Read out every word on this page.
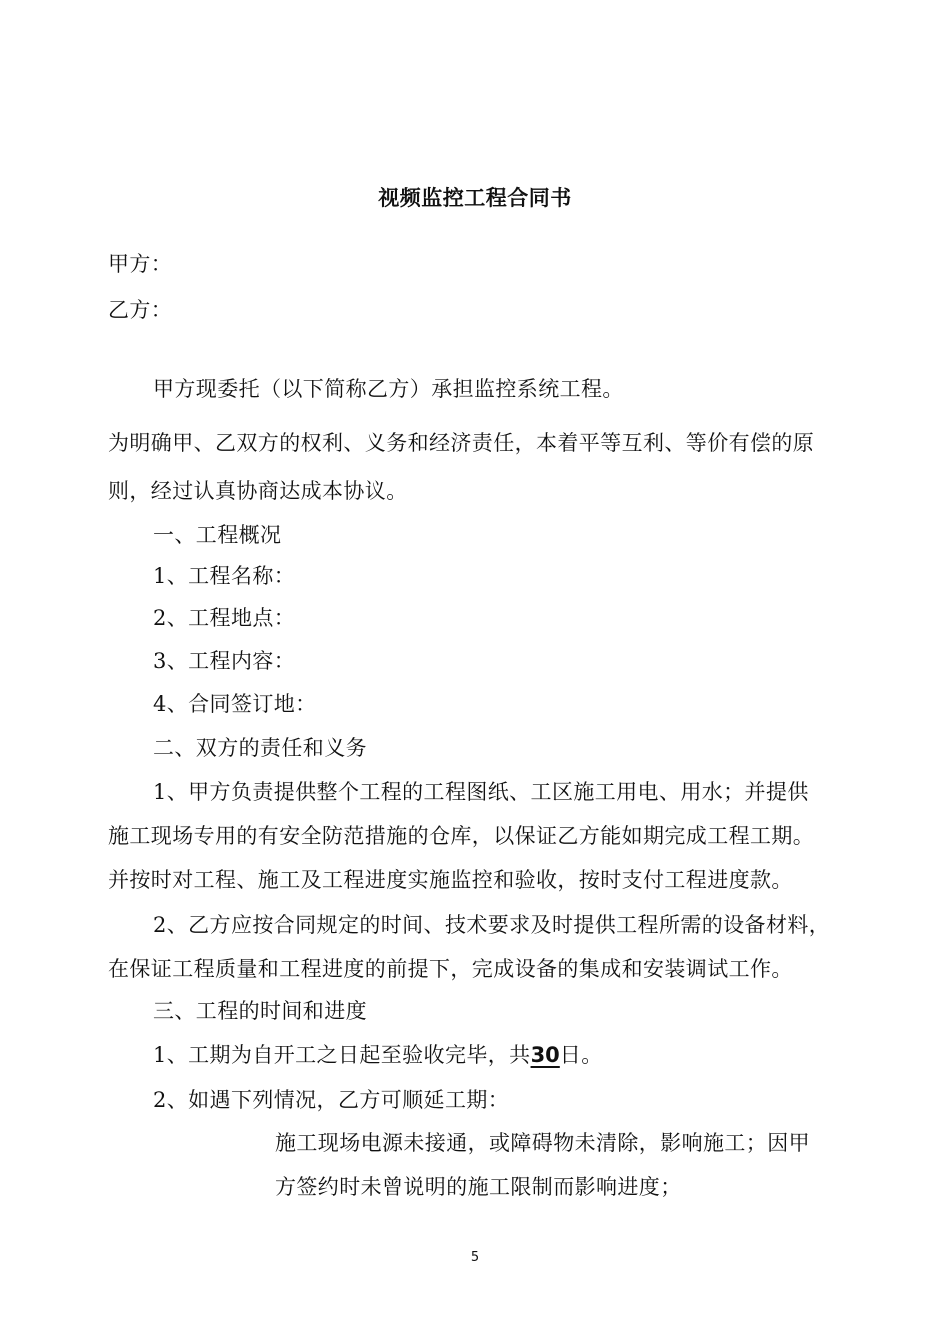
视频监控工程合同书
甲方：
乙方：
甲方现委托（以下简称乙方）承担监控系统工程。
为明确甲、乙双方的权利、义务和经济责任，本着平等互利、等价有偿的原
则，经过认真协商达成本协议。
一、工程概况
1、工程名称：
2、工程地点：
3、工程内容：
4、合同签订地：
二、双方的责任和义务
1、甲方负责提供整个工程的工程图纸、工区施工用电、用水；并提供
施工现场专用的有安全防范措施的仓库，以保证乙方能如期完成工程工期。
并按时对工程、施工及工程进度实施监控和验收，按时支付工程进度款。
2、乙方应按合同规定的时间、技术要求及时提供工程所需的设备材料，
在保证工程质量和工程进度的前提下，完成设备的集成和安装调试工作。
三、工程的时间和进度
1、工期为自开工之日起至验收完毕，共30日。
2、如遇下列情况，乙方可顺延工期：
施工现场电源未接通，或障碍物未清除，影响施工；因甲
方签约时未曾说明的施工限制而影响进度；
5
